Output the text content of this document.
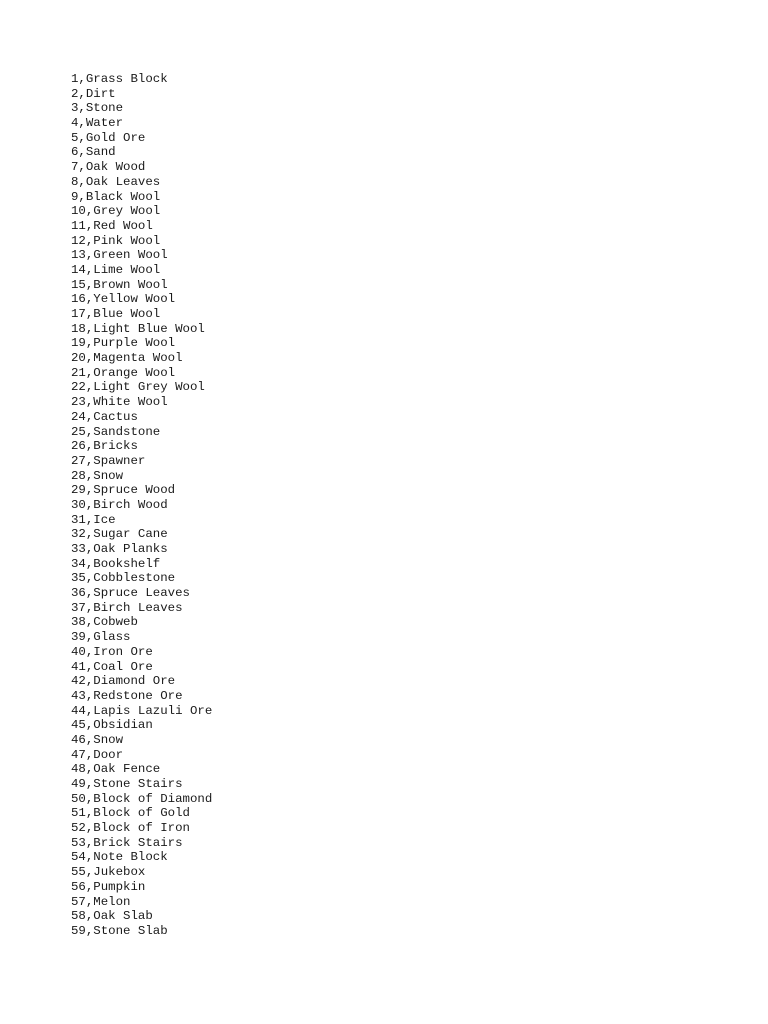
1,Grass Block
2,Dirt
3,Stone
4,Water
5,Gold Ore
6,Sand
7,Oak Wood
8,Oak Leaves
9,Black Wool
10,Grey Wool
11,Red Wool
12,Pink Wool
13,Green Wool
14,Lime Wool
15,Brown Wool
16,Yellow Wool
17,Blue Wool
18,Light Blue Wool
19,Purple Wool
20,Magenta Wool
21,Orange Wool
22,Light Grey Wool
23,White Wool
24,Cactus
25,Sandstone
26,Bricks
27,Spawner
28,Snow
29,Spruce Wood
30,Birch Wood
31,Ice
32,Sugar Cane
33,Oak Planks
34,Bookshelf
35,Cobblestone
36,Spruce Leaves
37,Birch Leaves
38,Cobweb
39,Glass
40,Iron Ore
41,Coal Ore
42,Diamond Ore
43,Redstone Ore
44,Lapis Lazuli Ore
45,Obsidian
46,Snow
47,Door
48,Oak Fence
49,Stone Stairs
50,Block of Diamond
51,Block of Gold
52,Block of Iron
53,Brick Stairs
54,Note Block
55,Jukebox
56,Pumpkin
57,Melon
58,Oak Slab
59,Stone Slab
